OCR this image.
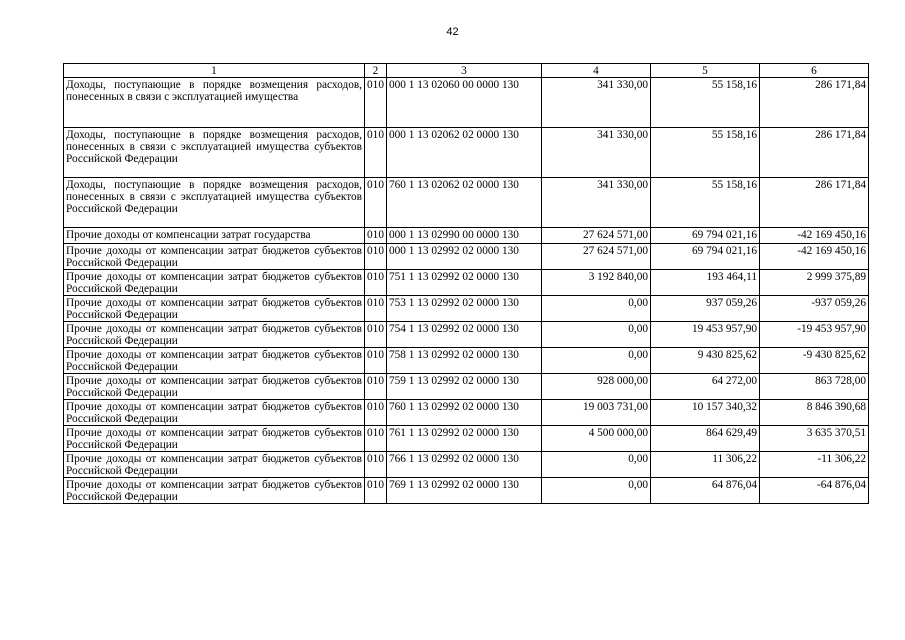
42
1	2	3	4	5	6
Доходы, поступающие в порядке возмещения расходов, понесенных в связи с эксплуатацией имущества	010	000 1 13 02060 00 0000 130	341 330,00	55 158,16	286 171,84
Доходы, поступающие в порядке возмещения расходов, понесенных в связи с эксплуатацией имущества субъектов Российской Федерации	010	000 1 13 02062 02 0000 130	341 330,00	55 158,16	286 171,84
Доходы, поступающие в порядке возмещения расходов, понесенных в связи с эксплуатацией имущества субъектов Российской Федерации	010	760 1 13 02062 02 0000 130	341 330,00	55 158,16	286 171,84
Прочие доходы от компенсации затрат государства	010	000 1 13 02990 00 0000 130	27 624 571,00	69 794 021,16	-42 169 450,16
Прочие доходы от компенсации затрат бюджетов субъектов Российской Федерации	010	000 1 13 02992 02 0000 130	27 624 571,00	69 794 021,16	-42 169 450,16
Прочие доходы от компенсации затрат бюджетов субъектов Российской Федерации	010	751 1 13 02992 02 0000 130	3 192 840,00	193 464,11	2 999 375,89
Прочие доходы от компенсации затрат бюджетов субъектов Российской Федерации	010	753 1 13 02992 02 0000 130	0,00	937 059,26	-937 059,26
Прочие доходы от компенсации затрат бюджетов субъектов Российской Федерации	010	754 1 13 02992 02 0000 130	0,00	19 453 957,90	-19 453 957,90
Прочие доходы от компенсации затрат бюджетов субъектов Российской Федерации	010	758 1 13 02992 02 0000 130	0,00	9 430 825,62	-9 430 825,62
Прочие доходы от компенсации затрат бюджетов субъектов Российской Федерации	010	759 1 13 02992 02 0000 130	928 000,00	64 272,00	863 728,00
Прочие доходы от компенсации затрат бюджетов субъектов Российской Федерации	010	760 1 13 02992 02 0000 130	19 003 731,00	10 157 340,32	8 846 390,68
Прочие доходы от компенсации затрат бюджетов субъектов Российской Федерации	010	761 1 13 02992 02 0000 130	4 500 000,00	864 629,49	3 635 370,51
Прочие доходы от компенсации затрат бюджетов субъектов Российской Федерации	010	766 1 13 02992 02 0000 130	0,00	11 306,22	-11 306,22
Прочие доходы от компенсации затрат бюджетов субъектов Российской Федерации	010	769 1 13 02992 02 0000 130	0,00	64 876,04	-64 876,04
